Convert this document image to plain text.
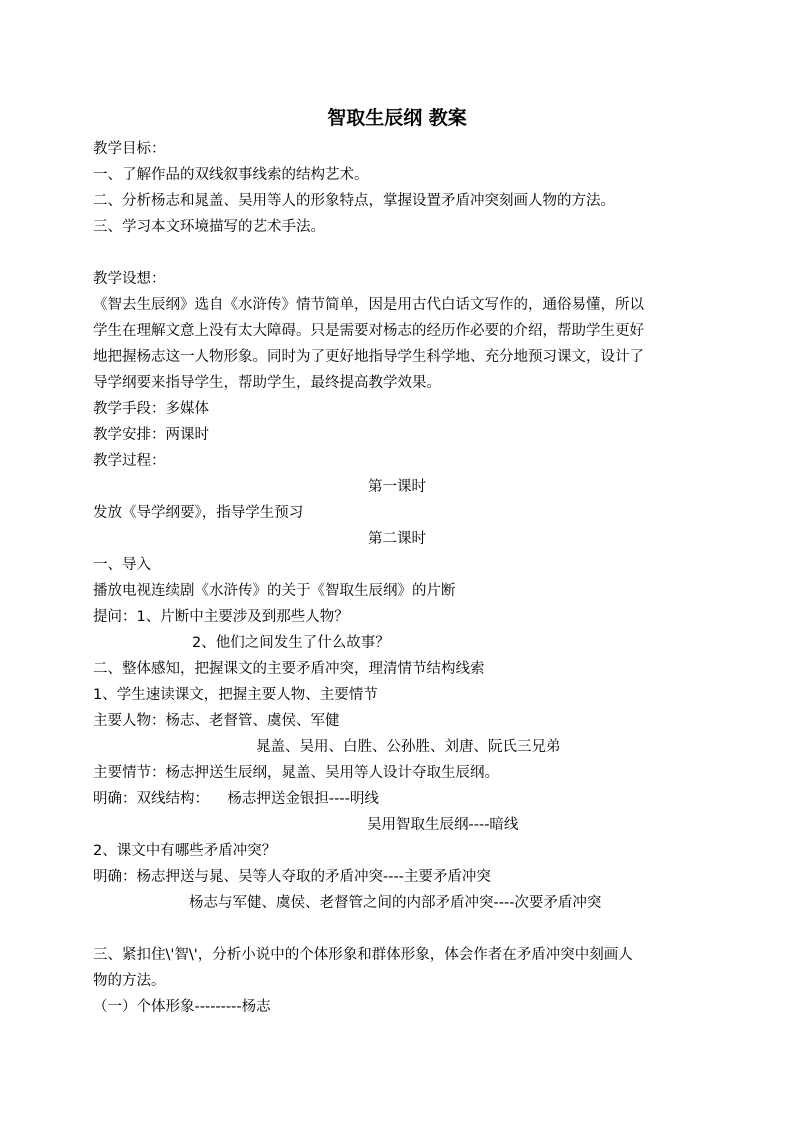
智取生辰纲 教案

教学目标：

一、了解作品的双线叙事线索的结构艺术。

二、分析杨志和晁盖、吴用等人的形象特点，掌握设置矛盾冲突刻画人物的方法。

三、学习本文环境描写的艺术手法。

教学设想：

《智去生辰纲》选自《水浒传》情节简单，因是用古代白话文写作的，通俗易懂，所以

学生在理解文意上没有太大障碍。只是需要对杨志的经历作必要的介绍，帮助学生更好

地把握杨志这一人物形象。同时为了更好地指导学生科学地、充分地预习课文，设计了

导学纲要来指导学生，帮助学生，最终提高教学效果。

教学手段：多媒体

教学安排：两课时

教学过程：

第一课时

发放《导学纲要》，指导学生预习

第二课时

一、导入

播放电视连续剧《水浒传》的关于《智取生辰纲》的片断

提问：1、片断中主要涉及到那些人物？

2、他们之间发生了什么故事？

二、整体感知，把握课文的主要矛盾冲突，理清情节结构线索

1、学生速读课文，把握主要人物、主要情节

主要人物：杨志、老督管、虞侯、军健

晁盖、吴用、白胜、公孙胜、刘唐、阮氏三兄弟

主要情节：杨志押送生辰纲，晁盖、吴用等人设计夺取生辰纲。

明确：双线结构：    杨志押送金银担----明线

吴用智取生辰纲----暗线

2、课文中有哪些矛盾冲突？

明确：杨志押送与晁、吴等人夺取的矛盾冲突----主要矛盾冲突

杨志与军健、虞侯、老督管之间的内部矛盾冲突----次要矛盾冲突

三、紧扣住\'智\'，分析小说中的个体形象和群体形象，体会作者在矛盾冲突中刻画人

物的方法。

（一）个体形象---------杨志
